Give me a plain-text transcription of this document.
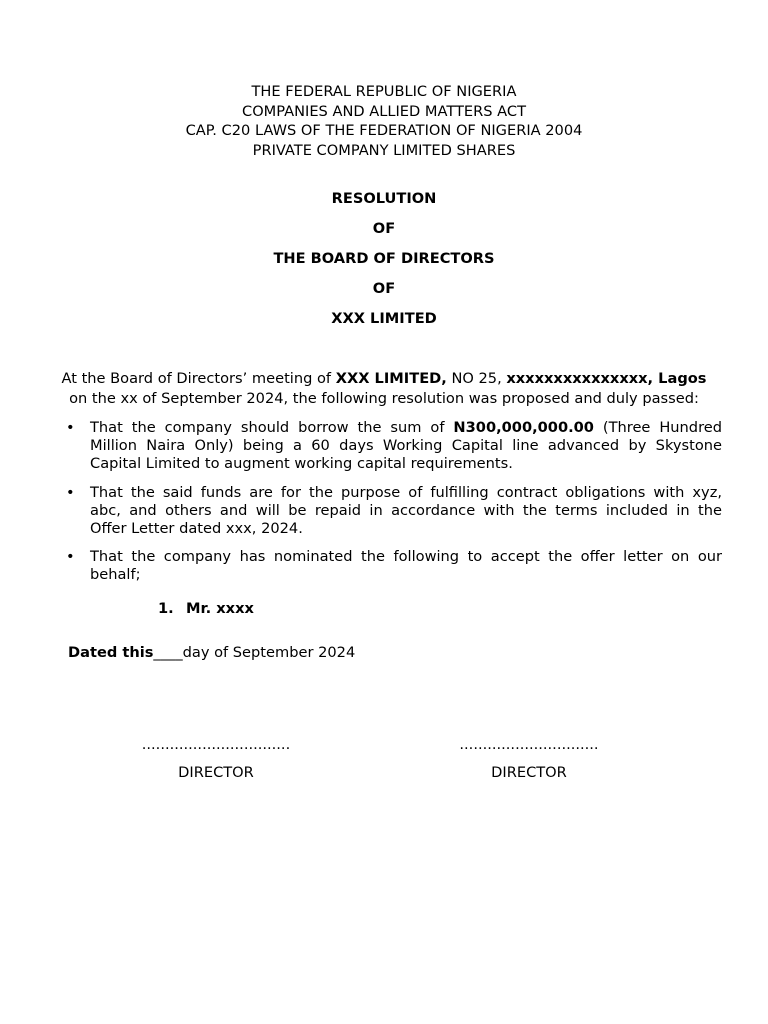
THE FEDERAL REPUBLIC OF NIGERIA
COMPANIES AND ALLIED MATTERS ACT
CAP. C20 LAWS OF THE FEDERATION OF NIGERIA 2004
PRIVATE COMPANY LIMITED SHARES
RESOLUTION
OF
THE BOARD OF DIRECTORS
OF
XXX LIMITED
At the Board of Directors’ meeting of XXX LIMITED, NO 25, xxxxxxxxxxxxxxx, Lagos
on the xx of September 2024, the following resolution was proposed and duly passed:
• That the company should borrow the sum of N300,000,000.00 (Three Hundred
Million Naira Only) being a 60 days Working Capital line advanced by Skystone
Capital Limited to augment working capital requirements.
• That the said funds are for the purpose of fulfilling contract obligations with xyz,
abc, and others and will be repaid in accordance with the terms included in the
Offer Letter dated xxx, 2024.
• That the company has nominated the following to accept the offer letter on our
behalf;
1. Mr. xxxx
Dated this____day of September 2024
................................
DIRECTOR
..............................
DIRECTOR
